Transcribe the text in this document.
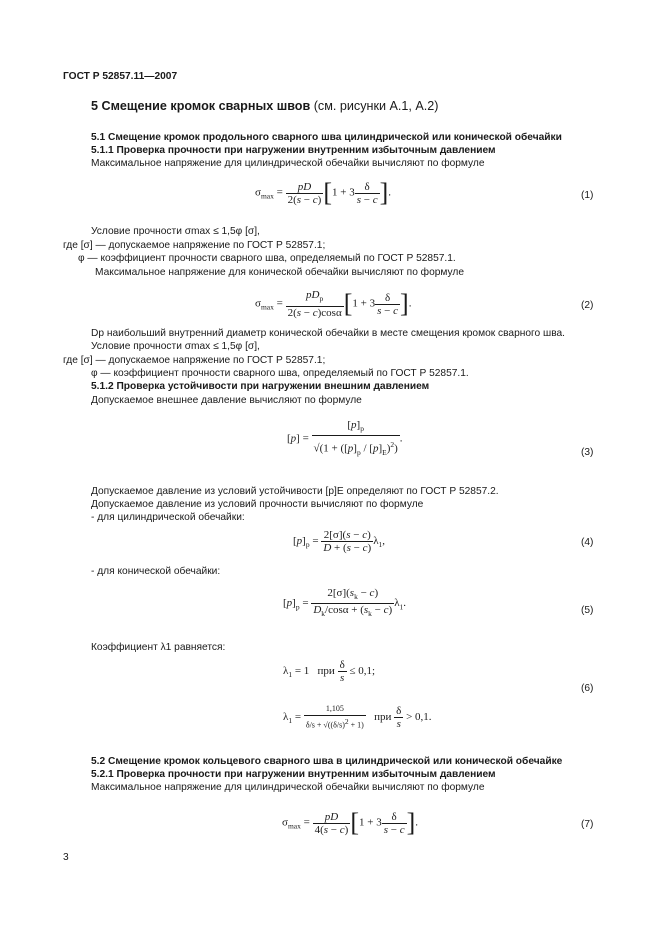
ГОСТ Р 52857.11—2007
5 Смещение кромок сварных швов (см. рисунки А.1, А.2)
5.1 Смещение кромок продольного сварного шва цилиндрической или конической обечайки
5.1.1 Проверка прочности при нагружении внутренним избыточным давлением
Максимальное напряжение для цилиндрической обечайки вычисляют по формуле
$\sigma_{max} = \frac{pD}{2(s - c)} [1 + 3 \frac{\delta}{s - c}$ ].	(1)
Условие прочности σmax ≤ 1,5φ [σ],
где [σ] — допускаемое напряжение по ГОСТ Р 52857.1;
φ — коэффициент прочности сварного шва, определяемый по ГОСТ Р 52857.1.
Максимальное напряжение для конической обечайки вычисляют по формуле
$\sigma_{max} = \frac{pD_p}{2(s - c)\cos\alpha} [1 + 3 \frac{\delta}{s - c}$ ].	(2)
Dp наибольший внутренний диаметр конической обечайки в месте смещения кромок сварного шва.
Условие прочности σmax ≤ 1,5φ [σ],
где [σ] — допускаемое напряжение по ГОСТ Р 52857.1;
φ — коэффициент прочности сварного шва, определяемый по ГОСТ Р 52857.1.
5.1.2 Проверка устойчивости при нагружении внешним давлением
Допускаемое внешнее давление вычисляют по формуле
$[p] = \frac{[p]_p}{√(1 + ([p]_p / [p]_E)^2)}$ .
(3)
Допускаемое давление из условий устойчивости [p]E определяют по ГОСТ Р 52857.2.
Допускаемое давление из условий прочности вычисляют по формуле
- для цилиндрической обечайки:
$[p]_p = \frac{2[\sigma](s - c)}{D + (s - c)} \lambda_1$,	(4)
- для конической обечайки:
$[p]_p = \frac{2[\sigma](s_k - c)}{D_k/\cos\alpha + (s_k - c)} \lambda_1$.
(5)
Коэффициент λ1 равняется:
$\lambda_1 = 1$   при $\frac{\delta}{s} \le 0,1$;
(6)
$\lambda_1 = \frac{1,105}{\delta/s + √((\delta/s)^2 + 1)}$ при $\frac{\delta}{s} > 0,1$.
5.2 Смещение кромок кольцевого сварного шва в цилиндрической или конической обечайке
5.2.1 Проверка прочности при нагружении внутренним избыточным давлением
Максимальное напряжение для цилиндрической обечайки вычисляют по формуле
$\sigma_{max} = \frac{pD}{4(s - c)} [1 + 3 \frac{\delta}{s - c}$ ].	(7)
3
